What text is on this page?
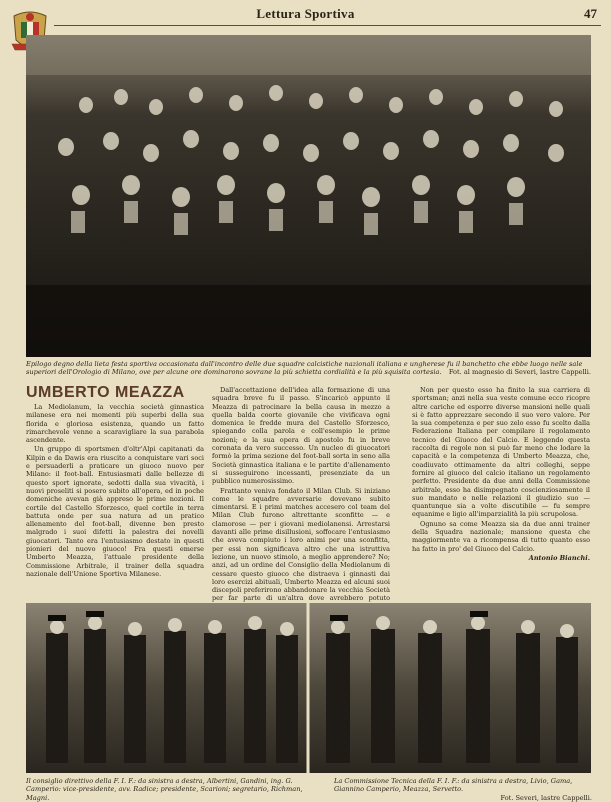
Lettura Sportiva	47
Epilogo degno della lieta festa sportiva occasionata dall'incontro delle due squadre calcistiche nazionali italiana e ungherese fu il banchetto che ebbe luogo nelle sale superiori dell'Orologio di Milano, ove per alcune ore dominarono sovrane la più schietta cordialità e la più squisita cortesia. Fot. al magnesio di Severi, lastre Cappelli.
UMBERTO MEAZZA

La Mediolanum, la vecchia società ginnastica milanese era nei momenti più superbi della sua florida e gloriosa esistenza, quando un fatto rimarchevole venne a scaravigliare la sua parabola ascendente.

Un gruppo di sportsmen d'oltr'Alpi capitanati da Kilpin e da Dawis era riuscito a conquistare vari soci e persuaderli a praticare un giuoco nuovo per Milano: il foot-ball. Entusiasmati dalle bellezze di questo sport ignorate, sedotti dalla sua vivacità, i nuovi proseliti si posero subito all'opera, ed in poche domeniche avevan già appreso le prime nozioni. Il cortile del Castello Sforzesco, quel cortile in terra battuta onde per sua natura ad un pratico allenamento del foot-ball, divenne ben presto malgrado i suoi difetti la palestra dei novelli giuocatori. Tanto era l'entusiasmo destato in questi pionieri del nuovo giuoco! Fra questi emerse Umberto Meazza, l'attuale presidente della Commissione Arbitrale, il trainer della squadra nazionale dell'Unione Sportiva Milanese.

Dall'accettazione dell'idea alla formazione di una squadra breve fu il passo. S'incaricò appunto il Meazza di patrocinare la bella causa in mezzo a quella balda coorte giovanile che vivificava ogni domenica le fredde mura del Castello Sforzesco, spiegando colla parola e coll'esempio le prime nozioni; e la sua opera di apostolo fu in breve coronata da vero successo. Un nucleo di giuocatori formò la prima sezione del foot-ball sorta in seno alla Società ginnastica italiana e le partite d'allenamento si susseguirono incessanti, presenziate da un pubblico numerosissimo.

Frattanto veniva fondato il Milan Club. Si iniziano come le squadre avversarie dovevano subito cimentarsi. E i primi matches accesero col team del Milan Club furono altrettante sconfitte — e clamorose — per i giovani mediolanensi. Arrestarsi davanti alle prime disillusioni, soffocare l'entusiasmo che aveva compiuto i loro animi per una sconfitta, per essi non significava altro che una istruttiva lezione, un nuovo stimolo, a meglio apprendere? No; anzi, ad un ordine del Consiglio della Mediolanum di cessare questo giuoco che distraeva i ginnasti dai loro esercizi abituali, Umberto Meazza ed alcuni suoi discepoli preferirono abbandonare la vecchia Società per far parte di un'altra dove avrebbero potuto

Non per questo esso ha finito la sua carriera di sportsman; anzi nella sua veste comune ecco ricopre altre cariche ed esporre diverse mansioni nelle quali si è fatto apprezzare secondo il suo vero valore. Per la sua competenza e per suo zelo esso fu scelto dalla Federazione Italiana per compilare il regolamento tecnico del Giuoco del Calcio. E leggendo questa raccolta di regole non si può far meno che lodare la capacità e la competenza di Umberto Meazza, che, coadiuvato ottimamente da altri colleghi, seppe fornire al giuoco del calcio italiano un regolamento perfetto. Presidente da due anni della Commissione arbitrale, esso ha disimpegnato coscienziosamente il suo mandato e nelle relazioni il giudizio suo — quantunque sia a volte discutibile — fu sempre equanime e ligio all'imparzialità la più scrupolosa.

Ognuno sa come Meazza sia da due anni trainer della Squadra nazionale; mansione questa che maggiormente va a ricompensa di tutto quanto esso ha fatto in pro' del Giuoco del Calcio.

Antonio Bianchi.
Il consiglio direttivo della F. I. F.: da sinistra a destra, Albertini, Gandini, ing. G. Camperio: vice-presidente, avv. Radice; presidente, Scarioni; segretario, Richman, Magni.
La Commissione Tecnica della F. I. F.: da sinistra a destra, Livio, Gama, Giannino Camperio, Meazza, Servetto.
Fot. Severi, lastre Cappelli.
